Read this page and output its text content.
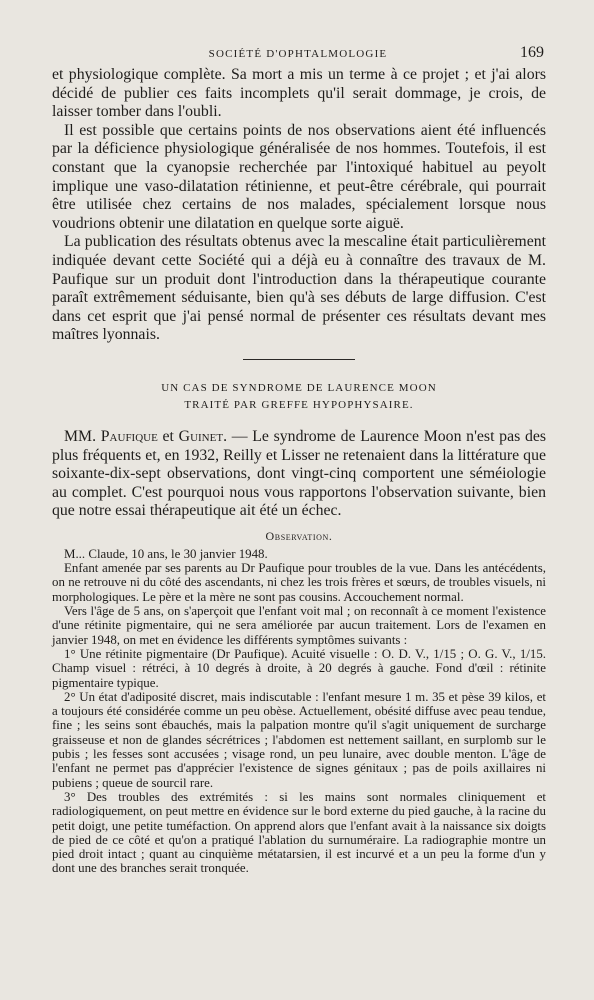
SOCIÉTÉ D'OPHTALMOLOGIE	169

et physiologique complète. Sa mort a mis un terme à ce projet ; et j'ai alors décidé de publier ces faits incomplets qu'il serait dommage, je crois, de laisser tomber dans l'oubli.

Il est possible que certains points de nos observations aient été influencés par la déficience physiologique généralisée de nos hommes. Toutefois, il est constant que la cyanopsie recherchée par l'intoxiqué habituel au peyolt implique une vaso-dilatation rétinienne, et peut-être cérébrale, qui pourrait être utilisée chez certains de nos malades, spécialement lorsque nous voudrions obtenir une dilatation en quelque sorte aiguë.

La publication des résultats obtenus avec la mescaline était particulièrement indiquée devant cette Société qui a déjà eu à connaître des travaux de M. Paufique sur un produit dont l'introduction dans la thérapeutique courante paraît extrêmement séduisante, bien qu'à ses débuts de large diffusion. C'est dans cet esprit que j'ai pensé normal de présenter ces résultats devant mes maîtres lyonnais.

UN CAS DE SYNDROME DE LAURENCE MOON
TRAITÉ PAR GREFFE HYPOPHYSAIRE.

MM. Paufique et Guinet. — Le syndrome de Laurence Moon n'est pas des plus fréquents et, en 1932, Reilly et Lisser ne retenaient dans la littérature que soixante-dix-sept observations, dont vingt-cinq comportent une séméiologie au complet. C'est pourquoi nous vous rapportons l'observation suivante, bien que notre essai thérapeutique ait été un échec.

Observation.

M... Claude, 10 ans, le 30 janvier 1948.

Enfant amenée par ses parents au Dr Paufique pour troubles de la vue. Dans les antécédents, on ne retrouve ni du côté des ascendants, ni chez les trois frères et sœurs, de troubles visuels, ni morphologiques. Le père et la mère ne sont pas cousins. Accouchement normal.

Vers l'âge de 5 ans, on s'aperçoit que l'enfant voit mal ; on reconnaît à ce moment l'existence d'une rétinite pigmentaire, qui ne sera améliorée par aucun traitement. Lors de l'examen en janvier 1948, on met en évidence les différents symptômes suivants :

1° Une rétinite pigmentaire (Dr Paufique). Acuité visuelle : O. D. V., 1/15 ; O. G. V., 1/15. Champ visuel : rétréci, à 10 degrés à droite, à 20 degrés à gauche. Fond d'œil : rétinite pigmentaire typique.

2° Un état d'adiposité discret, mais indiscutable : l'enfant mesure 1 m. 35 et pèse 39 kilos, et a toujours été considérée comme un peu obèse. Actuellement, obésité diffuse avec peau tendue, fine ; les seins sont ébauchés, mais la palpation montre qu'il s'agit uniquement de surcharge graisseuse et non de glandes sécrétrices ; l'abdomen est nettement saillant, en surplomb sur le pubis ; les fesses sont accusées ; visage rond, un peu lunaire, avec double menton. L'âge de l'enfant ne permet pas d'apprécier l'existence de signes génitaux ; pas de poils axillaires ni pubiens ; queue de sourcil rare.

3° Des troubles des extrémités : si les mains sont normales cliniquement et radiologiquement, on peut mettre en évidence sur le bord externe du pied gauche, à la racine du petit doigt, une petite tuméfaction. On apprend alors que l'enfant avait à la naissance six doigts de pied de ce côté et qu'on a pratiqué l'ablation du surnuméraire. La radiographie montre un pied droit intact ; quant au cinquième métatarsien, il est incurvé et a un peu la forme d'un y dont une des branches serait tronquée.
